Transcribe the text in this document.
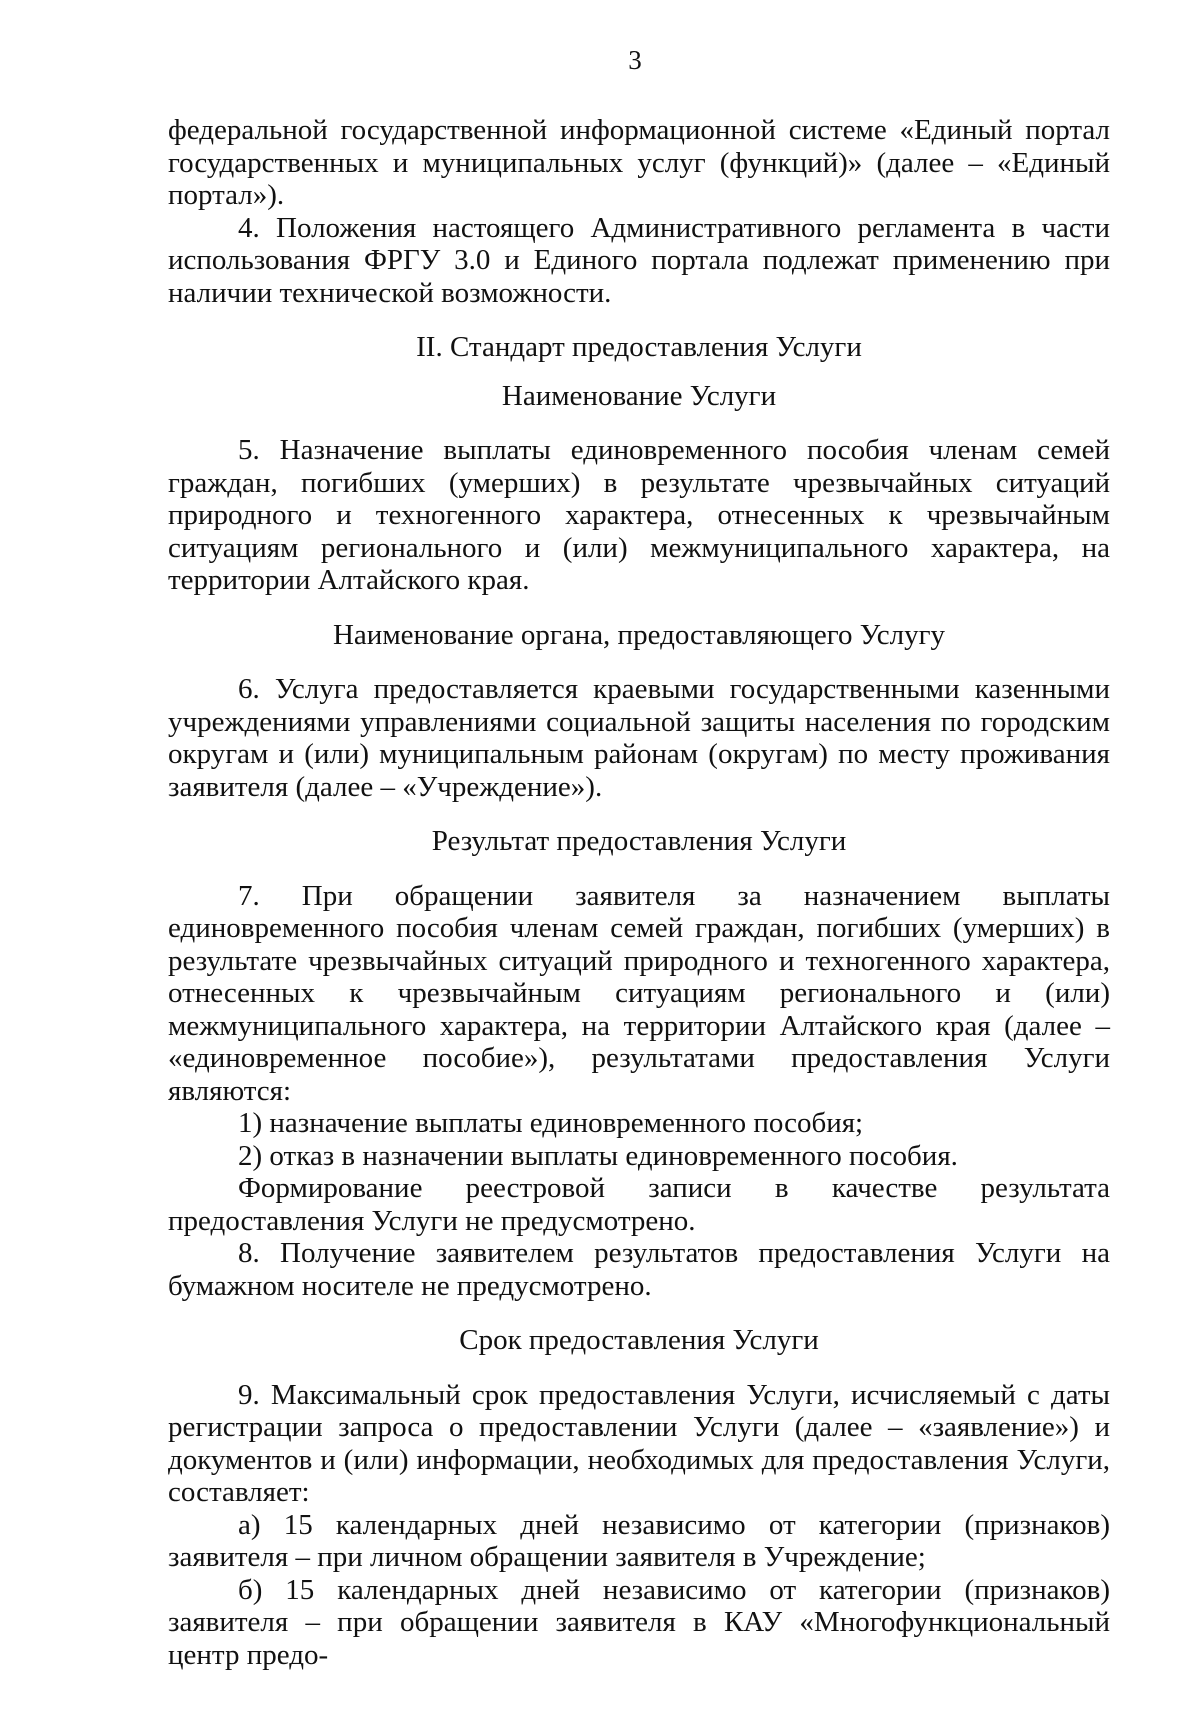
3

федеральной государственной информационной системе «Единый портал государственных и муниципальных услуг (функций)» (далее – «Единый портал»).

4. Положения настоящего Административного регламента в части использования ФРГУ 3.0 и Единого портала подлежат применению при наличии технической возможности.

II. Стандарт предоставления Услуги

Наименование Услуги

5. Назначение выплаты единовременного пособия членам семей граждан, погибших (умерших) в результате чрезвычайных ситуаций природного и техногенного характера, отнесенных к чрезвычайным ситуациям регионального и (или) межмуниципального характера, на территории Алтайского края.

Наименование органа, предоставляющего Услугу

6. Услуга предоставляется краевыми государственными казенными учреждениями управлениями социальной защиты населения по городским округам и (или) муниципальным районам (округам) по месту проживания заявителя (далее – «Учреждение»).

Результат предоставления Услуги

7. При обращении заявителя за назначением выплаты единовременного пособия членам семей граждан, погибших (умерших) в результате чрезвычайных ситуаций природного и техногенного характера, отнесенных к чрезвычайным ситуациям регионального и (или) межмуниципального характера, на территории Алтайского края (далее – «единовременное пособие»), результатами предоставления Услуги являются:

1) назначение выплаты единовременного пособия;

2) отказ в назначении выплаты единовременного пособия.

Формирование реестровой записи в качестве результата предоставления Услуги не предусмотрено.

8. Получение заявителем результатов предоставления Услуги на бумажном носителе не предусмотрено.

Срок предоставления Услуги

9. Максимальный срок предоставления Услуги, исчисляемый с даты регистрации запроса о предоставлении Услуги (далее – «заявление») и документов и (или) информации, необходимых для предоставления Услуги, составляет:

а) 15 календарных дней независимо от категории (признаков) заявителя – при личном обращении заявителя в Учреждение;

б) 15 календарных дней независимо от категории (признаков) заявителя – при обращении заявителя в КАУ «Многофункциональный центр предо-
